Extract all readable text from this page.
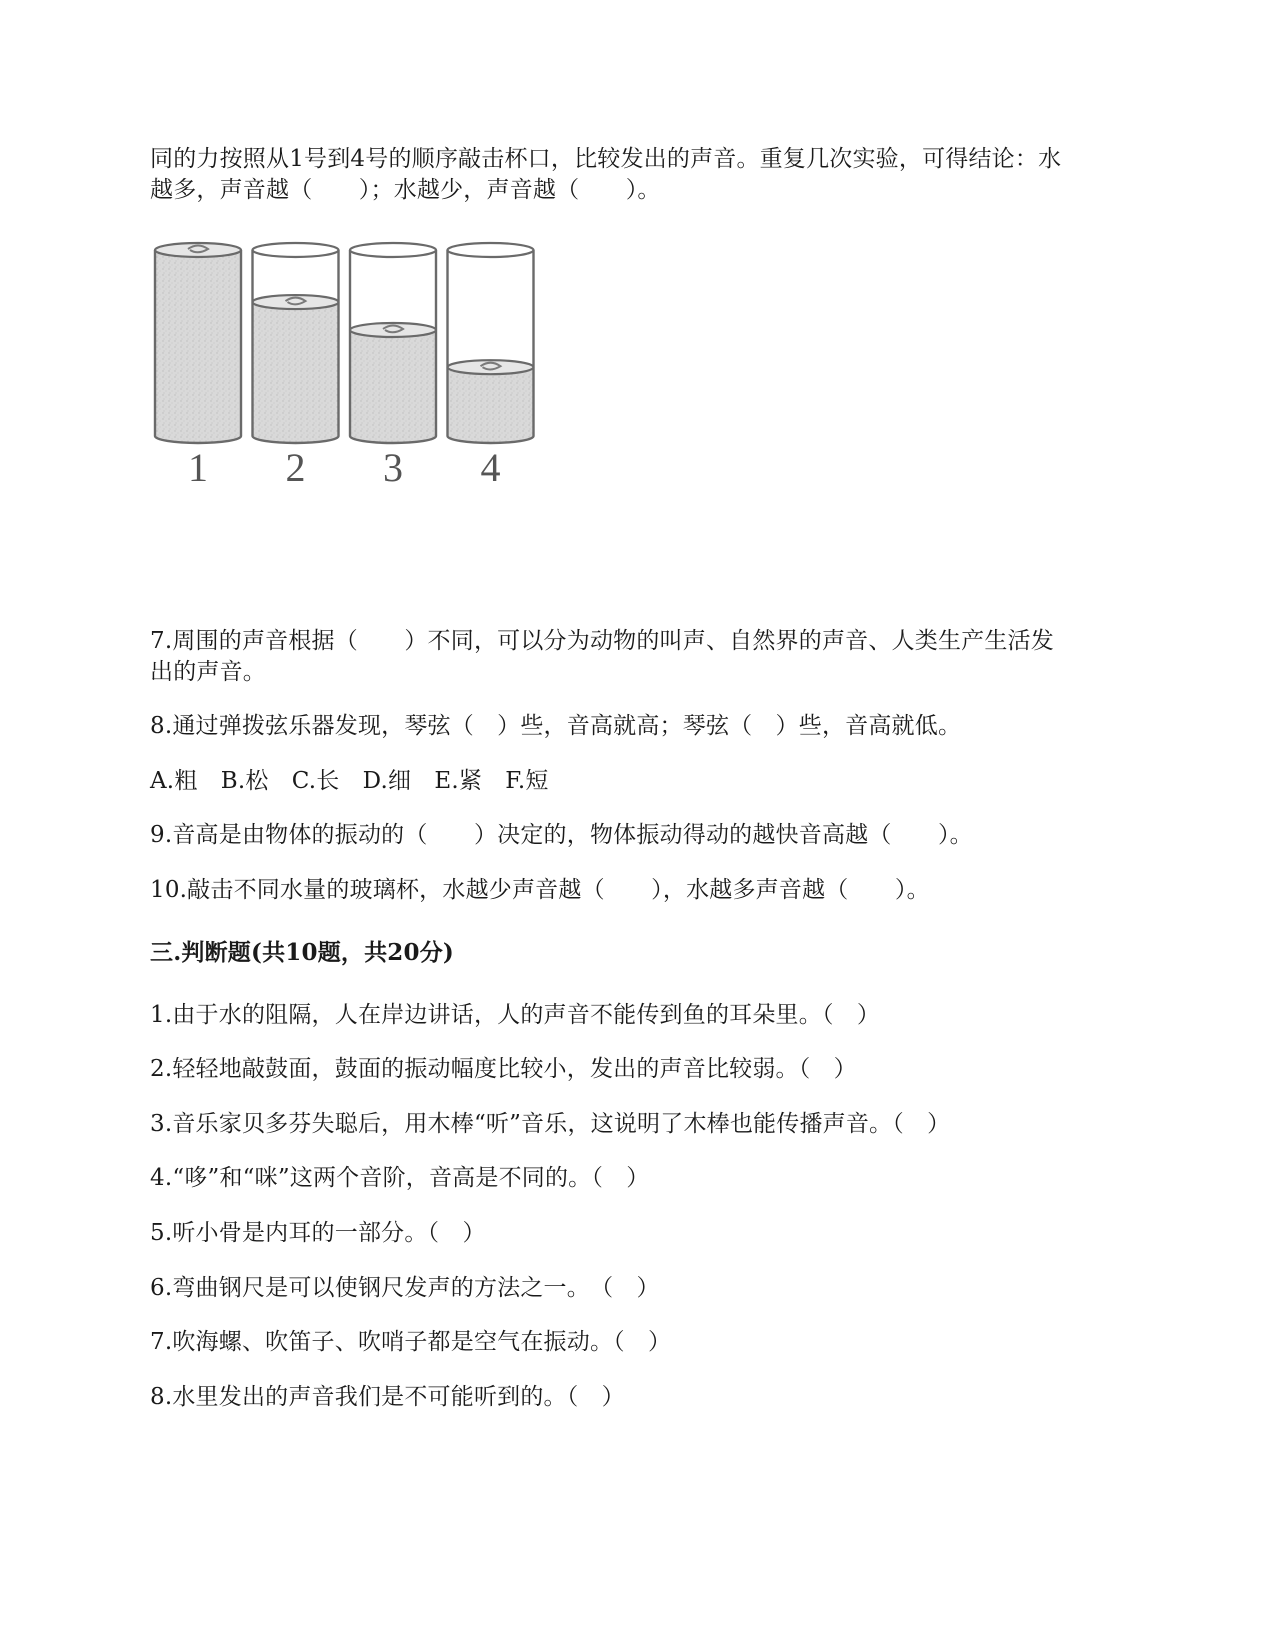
同的力按照从1号到4号的顺序敲击杯口，比较发出的声音。重复几次实验，可得结论：水
越多，声音越（　　）；水越少，声音越（　　）。
1 2 3 4
7.周围的声音根据（　　）不同，可以分为动物的叫声、自然界的声音、人类生产生活发
出的声音。
8.通过弹拨弦乐器发现，琴弦（　）些，音高就高；琴弦（　）些，音高就低。
A.粗　B.松　C.长　D.细　E.紧　F.短
9.音高是由物体的振动的（　　）决定的，物体振动得动的越快音高越（　　）。
10.敲击不同水量的玻璃杯，水越少声音越（　　），水越多声音越（　　）。
三.判断题(共10题，共20分)
1.由于水的阻隔，人在岸边讲话，人的声音不能传到鱼的耳朵里。（　）
2.轻轻地敲鼓面，鼓面的振动幅度比较小，发出的声音比较弱。（　）
3.音乐家贝多芬失聪后，用木棒“听”音乐，这说明了木棒也能传播声音。（　）
4.“哆”和“咪”这两个音阶，音高是不同的。（　）
5.听小骨是内耳的一部分。（　）
6.弯曲钢尺是可以使钢尺发声的方法之一。　（　）
7.吹海螺、吹笛子、吹哨子都是空气在振动。（　）
8.水里发出的声音我们是不可能听到的。（　）
